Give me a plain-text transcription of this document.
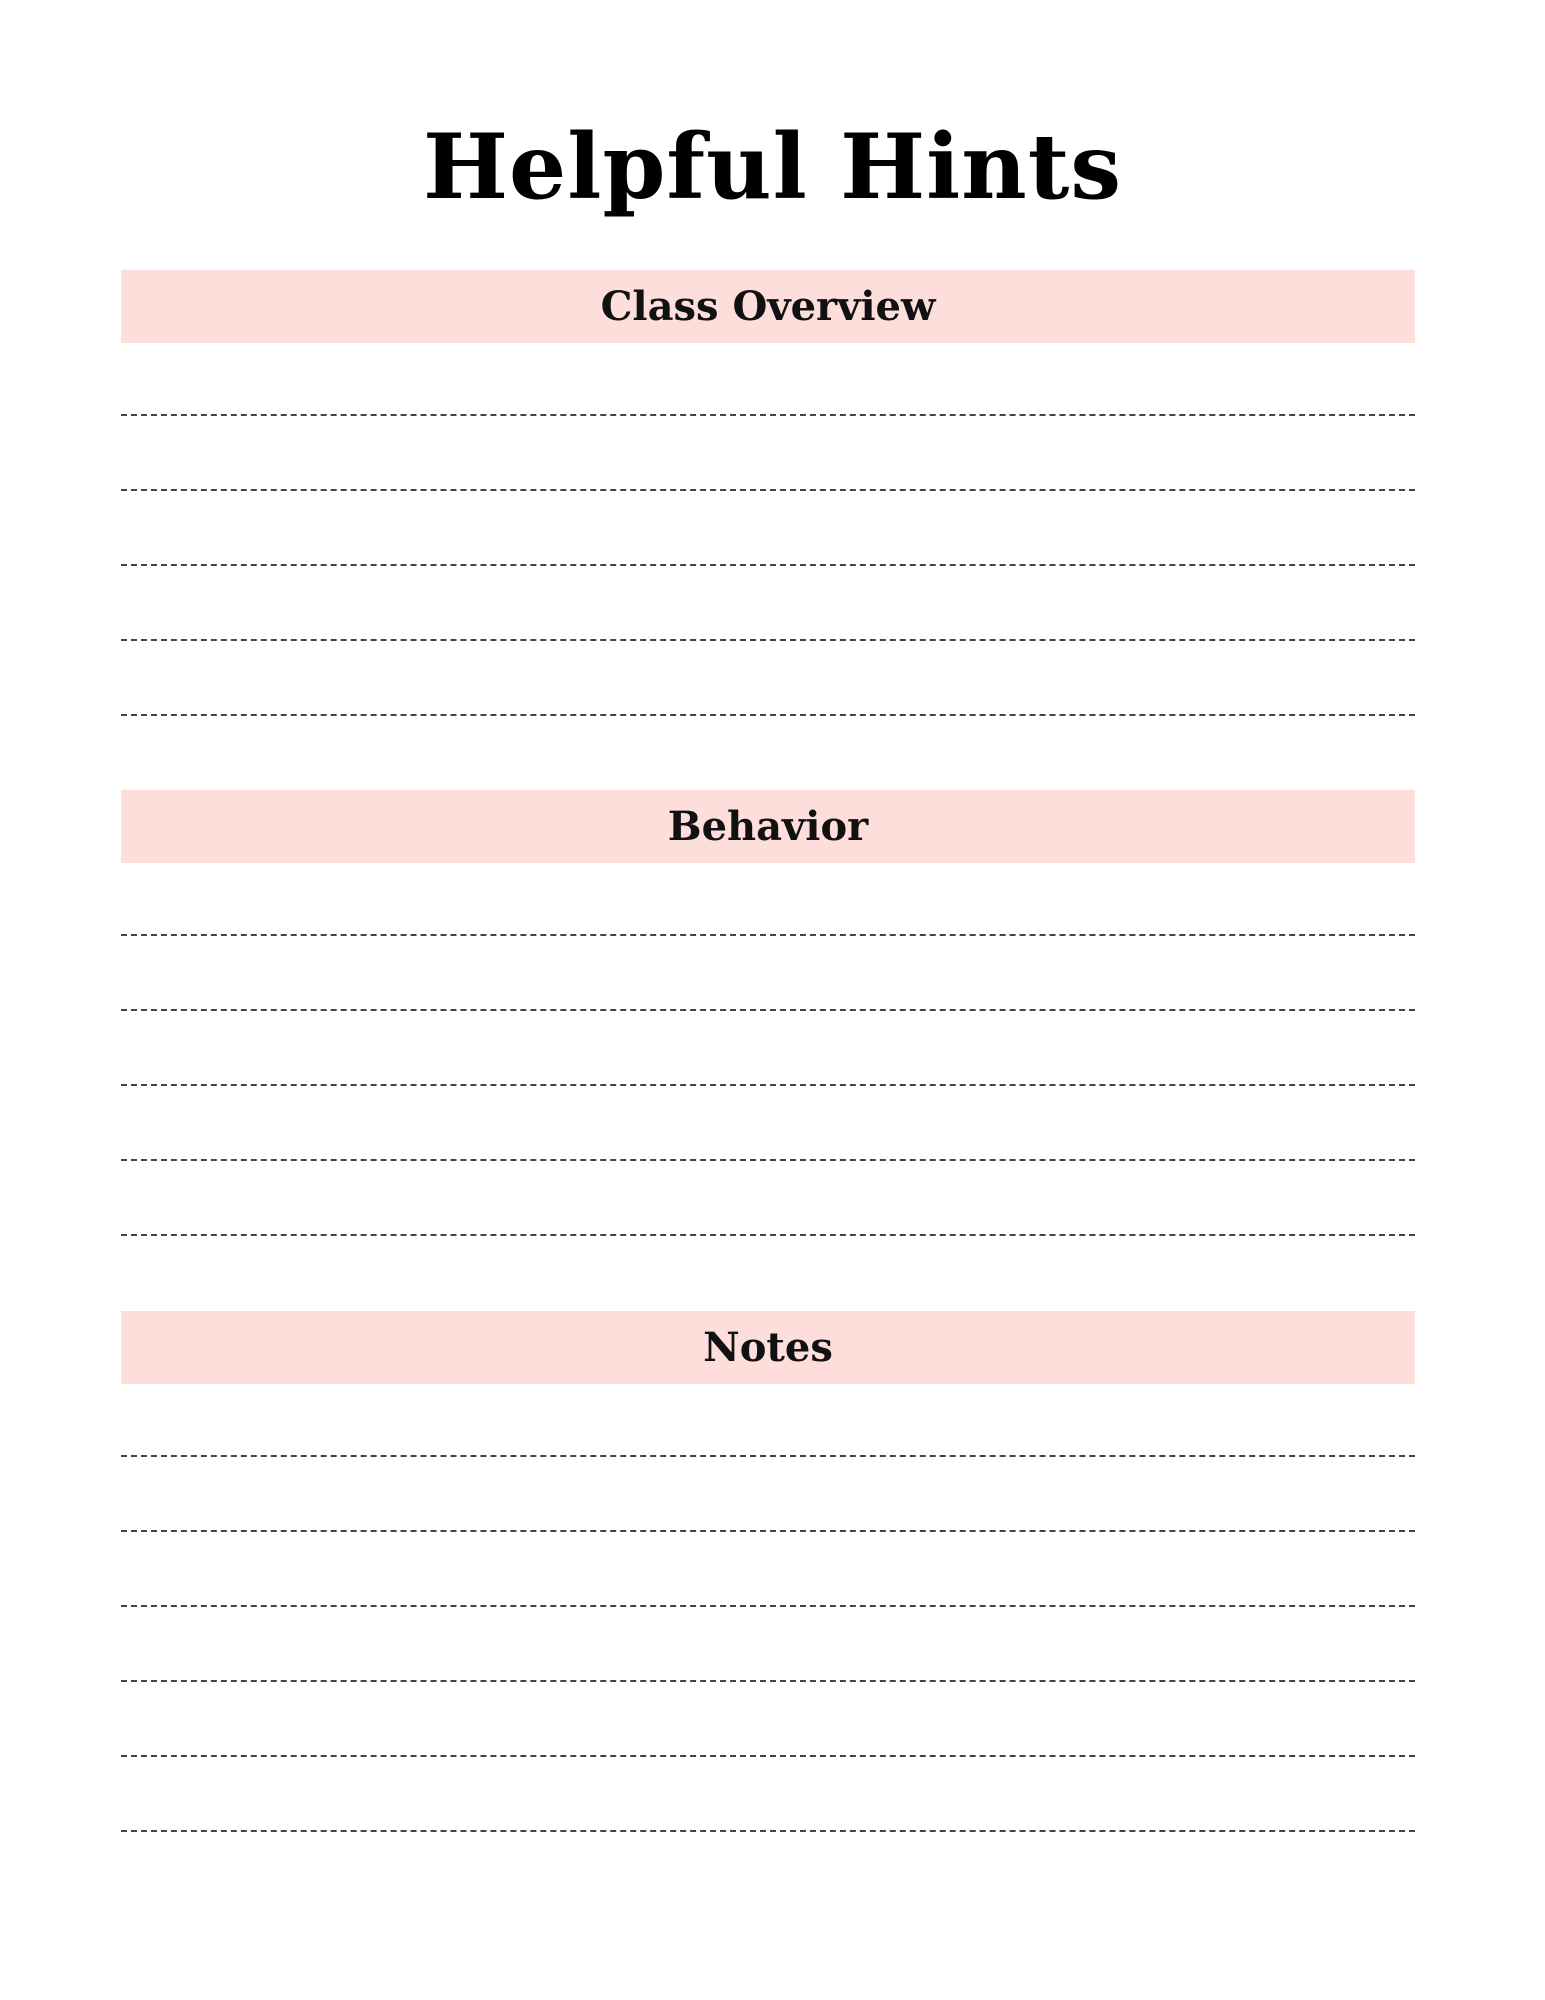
Helpful Hints
Class Overview
Behavior
Notes
